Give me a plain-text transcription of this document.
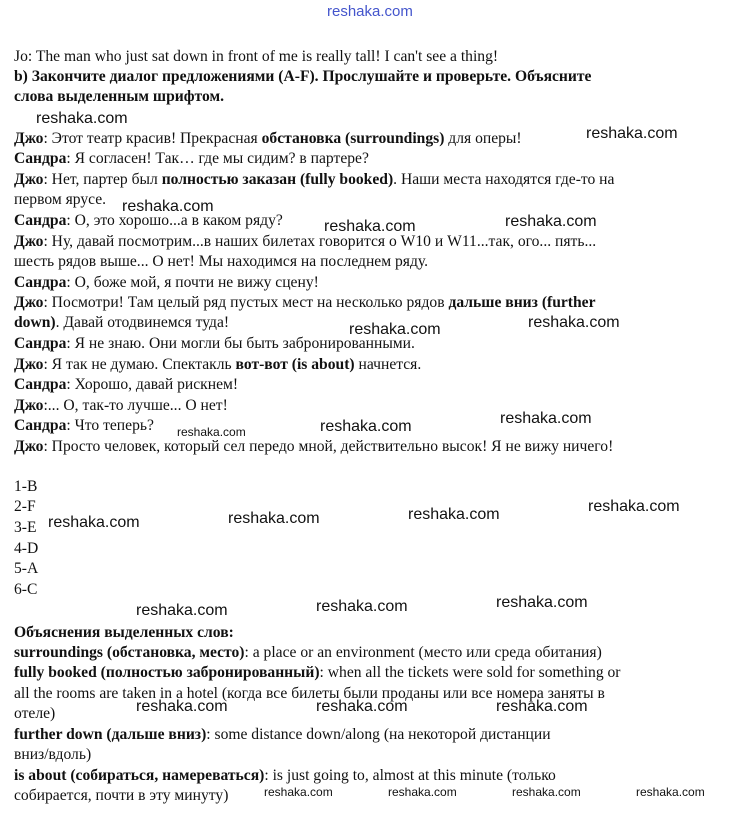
reshaka.com
Jo: The man who just sat down in front of me is really tall! I can't see a thing!
b) Закончите диалог предложениями (A-F). Прослушайте и проверьте. Объясните
слова выделенным шрифтом.
Джо: Этот театр красив! Прекрасная обстановка (surroundings) для оперы!
Сандра: Я согласен! Так… где мы сидим? в партере?
Джо: Нет, партер был полностью заказан (fully booked). Наши места находятся где-то на
первом ярусе.
Сандра: О, это хорошо...а в каком ряду?
Джо: Ну, давай посмотрим...в наших билетах говорится о W10 и W11...так, ого... пять...
шесть рядов выше... О нет! Мы находимся на последнем ряду.
Сандра: О, боже мой, я почти не вижу сцену!
Джо: Посмотри! Там целый ряд пустых мест на несколько рядов дальше вниз (further
down). Давай отодвинемся туда!
Сандра: Я не знаю. Они могли бы быть забронированными.
Джо: Я так не думаю. Спектакль вот-вот (is about) начнется.
Сандра: Хорошо, давай рискнем!
Джо:... О, так-то лучше... О нет!
Сандра: Что теперь?
Джо: Просто человек, который сел передо мной, действительно высок! Я не вижу ничего!
1-B
2-F
3-E
4-D
5-A
6-C
Объяснения выделенных слов:
surroundings (обстановка, место): a place or an environment (место или среда обитания)
fully booked (полностью забронированный): when all the tickets were sold for something or
all the rooms are taken in a hotel (когда все билеты были проданы или все номера заняты в
отеле)
further down (дальше вниз): some distance down/along (на некоторой дистанции
вниз/вдоль)
is about (собираться, намереваться): is just going to, almost at this minute (только
собирается, почти в эту минуту)
reshaka.com
reshaka.com
reshaka.com
reshaka.com	reshaka.com
reshaka.com	reshaka.com
reshaka.com	reshaka.com	reshaka.com
reshaka.com	reshaka.com	reshaka.com	reshaka.com
reshaka.com	reshaka.com	reshaka.com
reshaka.com	reshaka.com	reshaka.com
reshaka.com	reshaka.com	reshaka.com	reshaka.com
